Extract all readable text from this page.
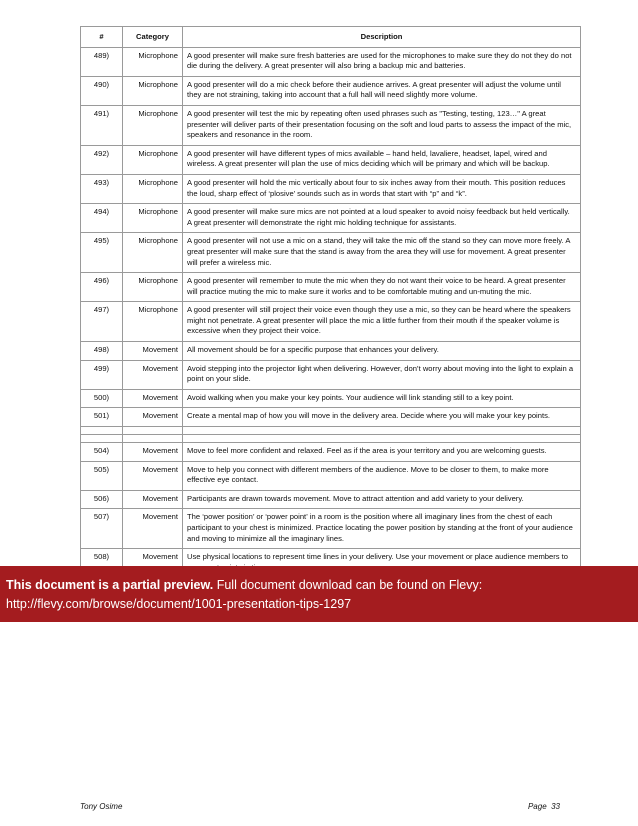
#	Category	Description
489)	Microphone	A good presenter will make sure fresh batteries are used for the microphones to make sure they do not they do not die during the delivery. A great presenter will also bring a backup mic and batteries.
490)	Microphone	A good presenter will do a mic check before their audience arrives. A great presenter will adjust the volume until they are not straining, taking into account that a full hall will need slightly more volume.
491)	Microphone	A good presenter will test the mic by repeating often used phrases such as "Testing, testing, 123…" A great presenter will deliver parts of their presentation focusing on the soft and loud parts to assess the impact of the mic, speakers and resonance in the room.
492)	Microphone	A good presenter will have different types of mics available – hand held, lavaliere, headset, lapel, wired and wireless. A great presenter will plan the use of mics deciding which will be primary and which will be backup.
493)	Microphone	A good presenter will hold the mic vertically about four to six inches away from their mouth. This position reduces the loud, sharp effect of ‘plosive’ sounds such as in words that start with “p” and “k”.
494)	Microphone	A good presenter will make sure mics are not pointed at a loud speaker to avoid noisy feedback but held vertically. A great presenter will demonstrate the right mic holding technique for assistants.
495)	Microphone	A good presenter will not use a mic on a stand, they will take the mic off the stand so they can move more freely. A great presenter will make sure that the stand is away from the area they will use for movement. A great presenter will prefer a wireless mic.
496)	Microphone	A good presenter will remember to mute the mic when they do not want their voice to be heard. A great presenter will practice muting the mic to make sure it works and to be comfortable muting and un-muting the mic.
497)	Microphone	A good presenter will still project their voice even though they use a mic, so they can be heard where the speakers might not penetrate. A great presenter will place the mic a little further from their mouth if the speaker volume is excessive when they project their voice.
498)	Movement	All movement should be for a specific purpose that enhances your delivery.
499)	Movement	Avoid stepping into the projector light when delivering. However, don’t worry about moving into the light to explain a point on your slide.
500)	Movement	Avoid walking when you make your key points. Your audience will link standing still to a key point.
501)	Movement	Create a mental map of how you will move in the delivery area. Decide where you will make your key points.

504)	Movement	Move to feel more confident and relaxed. Feel as if the area is your territory and you are welcoming guests.
505)	Movement	Move to help you connect with different members of the audience. Move to be closer to them, to make more effective eye contact.
506)	Movement	Participants are drawn towards movement. Move to attract attention and add variety to your delivery.
507)	Movement	The ‘power position’ or ‘power point’ in a room is the position where all imaginary lines from the chest of each participant to your chest is minimized. Practice locating the power position by standing at the front of your audience and moving to minimize all the imaginary lines.
508)	Movement	Use physical locations to represent time lines in your delivery. Use your movement or place audience members to
This document is a partial preview. Full document download can be found on Flevy:
http://flevy.com/browse/document/1001-presentation-tips-1297
Tony Osime	Page 33
